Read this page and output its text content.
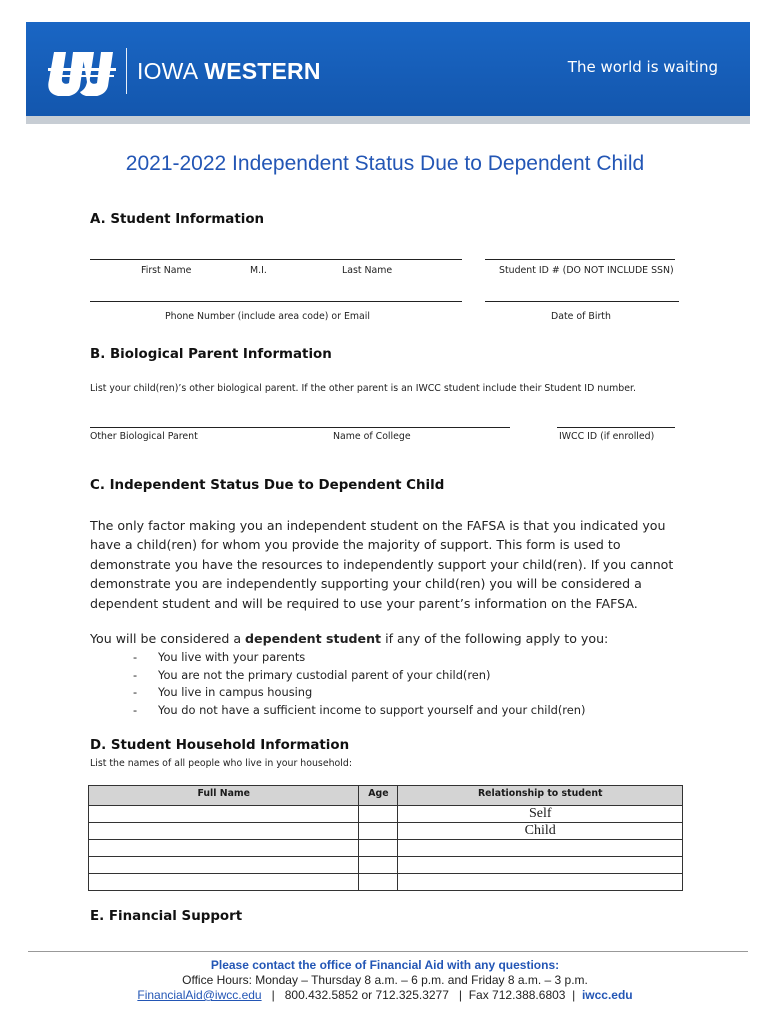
IOWA WESTERN	The world is waiting
2021-2022 Independent Status Due to Dependent Child
A. Student Information
First Name	M.I.	Last Name	Student ID # (DO NOT INCLUDE SSN)
Phone Number (include area code) or Email	Date of Birth
B. Biological Parent Information
List your child(ren)’s other biological parent. If the other parent is an IWCC student include their Student ID number.
Other Biological Parent	Name of College	IWCC ID (if enrolled)
C. Independent Status Due to Dependent Child
The only factor making you an independent student on the FAFSA is that you indicated you have a child(ren) for whom you provide the majority of support. This form is used to demonstrate you have the resources to independently support your child(ren). If you cannot demonstrate you are independently supporting your child(ren) you will be considered a dependent student and will be required to use your parent’s information on the FAFSA.
You will be considered a dependent student if any of the following apply to you:
- You live with your parents
- You are not the primary custodial parent of your child(ren)
- You live in campus housing
- You do not have a sufficient income to support yourself and your child(ren)
D. Student Household Information
List the names of all people who live in your household:
Full Name	Age	Relationship to student
		Self
		Child

E. Financial Support
Please contact the office of Financial Aid with any questions:
Office Hours: Monday – Thursday 8 a.m. – 6 p.m. and Friday 8 a.m. – 3 p.m.
FinancialAid@iwcc.edu   |   800.432.5852 or 712.325.3277   |  Fax 712.388.6803  |  iwcc.edu
